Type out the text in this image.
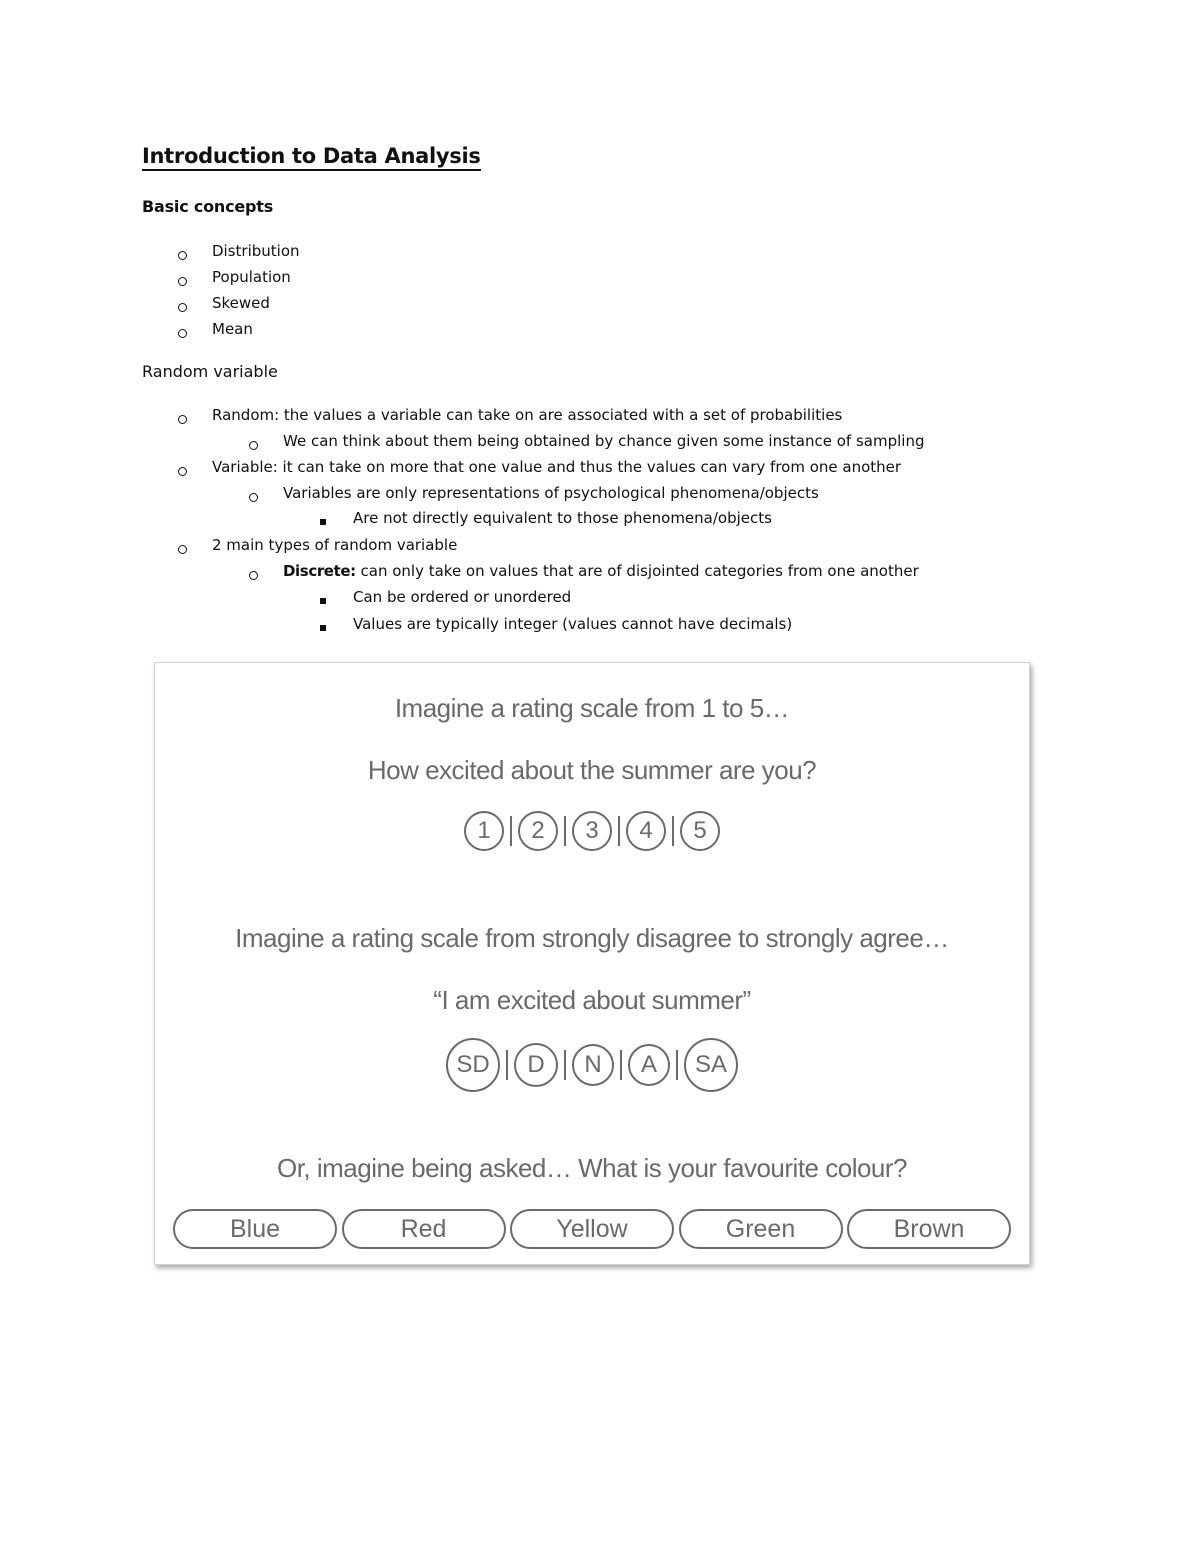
Introduction to Data Analysis
Basic concepts
Distribution
Population
Skewed
Mean
Random variable
Random: the values a variable can take on are associated with a set of probabilities
We can think about them being obtained by chance given some instance of sampling
Variable: it can take on more that one value and thus the values can vary from one another
Variables are only representations of psychological phenomena/objects
Are not directly equivalent to those phenomena/objects
2 main types of random variable
Discrete: can only take on values that are of disjointed categories from one another
Can be ordered or unordered
Values are typically integer (values cannot have decimals)
Imagine a rating scale from 1 to 5…
How excited about the summer are you?
1	2	3	4	5
Imagine a rating scale from strongly disagree to strongly agree…
“I am excited about summer”
SD	D	N	A	SA
Or, imagine being asked… What is your favourite colour?
Blue	Red	Yellow	Green	Brown
